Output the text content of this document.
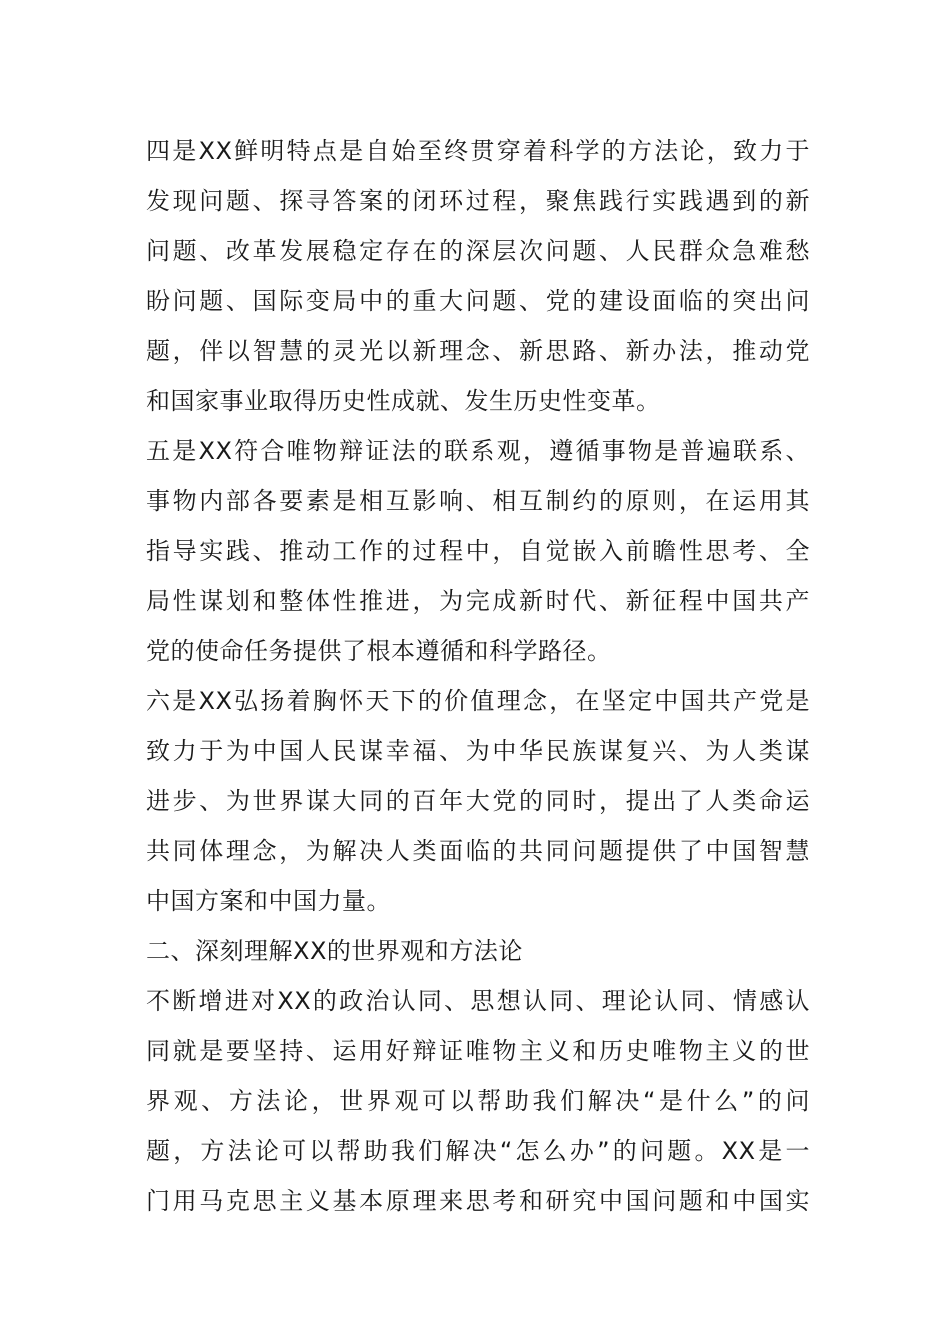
四是XX鲜明特点是自始至终贯穿着科学的方法论，致力于
发现问题、探寻答案的闭环过程，聚焦践行实践遇到的新
问题、改革发展稳定存在的深层次问题、人民群众急难愁
盼问题、国际变局中的重大问题、党的建设面临的突出问
题，伴以智慧的灵光以新理念、新思路、新办法，推动党
和国家事业取得历史性成就、发生历史性变革。
五是XX符合唯物辩证法的联系观，遵循事物是普遍联系、
事物内部各要素是相互影响、相互制约的原则，在运用其
指导实践、推动工作的过程中，自觉嵌入前瞻性思考、全
局性谋划和整体性推进，为完成新时代、新征程中国共产
党的使命任务提供了根本遵循和科学路径。
六是XX弘扬着胸怀天下的价值理念，在坚定中国共产党是
致力于为中国人民谋幸福、为中华民族谋复兴、为人类谋
进步、为世界谋大同的百年大党的同时，提出了人类命运
共同体理念，为解决人类面临的共同问题提供了中国智慧
中国方案和中国力量。
二、深刻理解XX的世界观和方法论
不断增进对XX的政治认同、思想认同、理论认同、情感认
同就是要坚持、运用好辩证唯物主义和历史唯物主义的世
界观、方法论，世界观可以帮助我们解决“是什么”的问
题，方法论可以帮助我们解决“怎么办”的问题。XX是一
门用马克思主义基本原理来思考和研究中国问题和中国实
